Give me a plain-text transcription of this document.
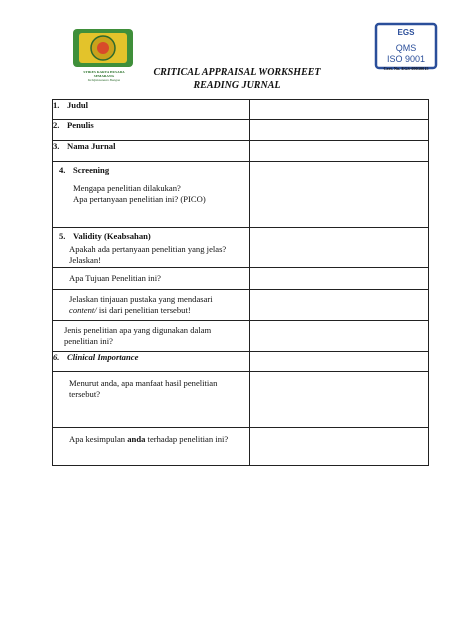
STIKES KARYA HUSADA SEMARANG
Kebijaksanaan Bangsa
EGS
QMS
ISO 9001
Cert. No. EGS-09030015
CRITICAL APPRAISAL WORKSHEET
READING JURNAL
1. Judul	
2. Penulis	
3. Nama Jurnal	

4. Screening
Mengapa penelitian dilakukan?
Apa pertanyaan penelitian ini? (PICO)	

5. Validity (Keabsahan)
Apakah ada pertanyaan penelitian yang jelas? Jelaskan!	

Apa Tujuan Penelitian ini?	

Jelaskan tinjauan pustaka yang mendasari
content/ isi dari penelitian tersebut!	

Jenis penelitian apa yang digunakan dalam penelitian ini?	

6. Clinical Importance	

Menurut anda, apa manfaat hasil penelitian tersebut?	

Apa kesimpulan anda terhadap penelitian ini?	
